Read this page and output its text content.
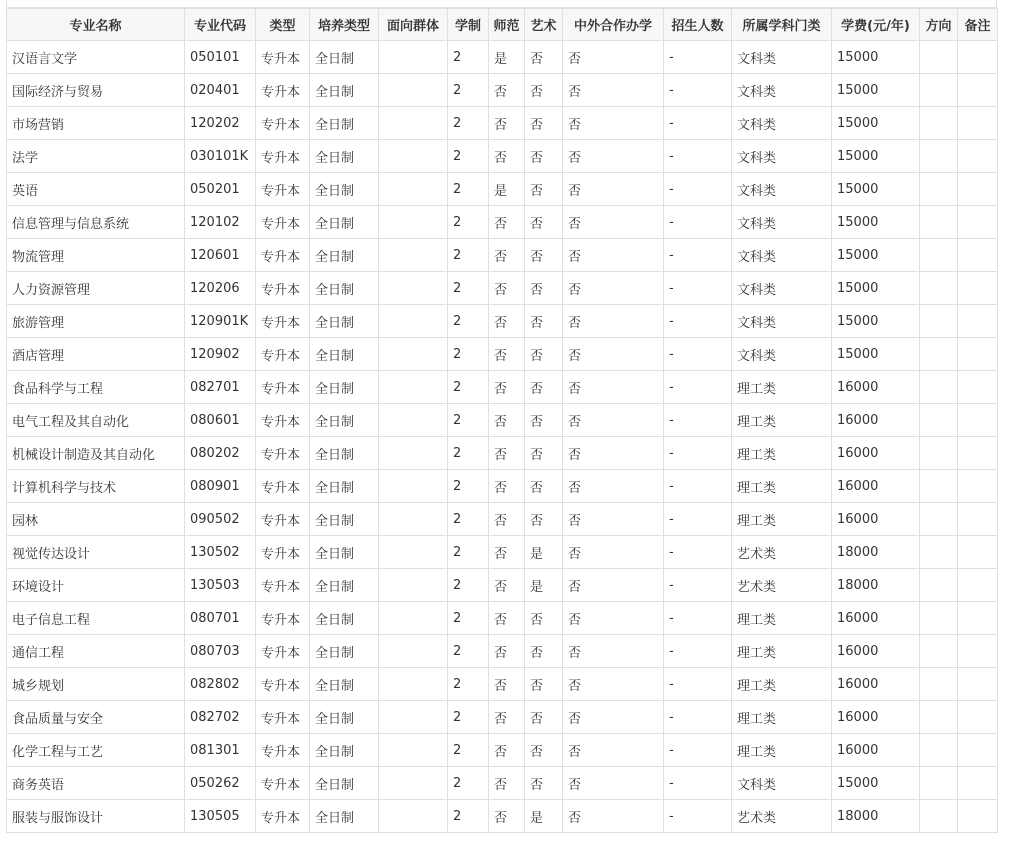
专业名称	专业代码	类型	培养类型	面向群体	学制	师范	艺术	中外合作办学	招生人数	所属学科门类	学费(元/年)	方向	备注
汉语言文学	050101	专升本	全日制		2	是	否	否	-	文科类	15000		
国际经济与贸易	020401	专升本	全日制		2	否	否	否	-	文科类	15000		
市场营销	120202	专升本	全日制		2	否	否	否	-	文科类	15000		
法学	030101K	专升本	全日制		2	否	否	否	-	文科类	15000		
英语	050201	专升本	全日制		2	是	否	否	-	文科类	15000		
信息管理与信息系统	120102	专升本	全日制		2	否	否	否	-	文科类	15000		
物流管理	120601	专升本	全日制		2	否	否	否	-	文科类	15000		
人力资源管理	120206	专升本	全日制		2	否	否	否	-	文科类	15000		
旅游管理	120901K	专升本	全日制		2	否	否	否	-	文科类	15000		
酒店管理	120902	专升本	全日制		2	否	否	否	-	文科类	15000		
食品科学与工程	082701	专升本	全日制		2	否	否	否	-	理工类	16000		
电气工程及其自动化	080601	专升本	全日制		2	否	否	否	-	理工类	16000		
机械设计制造及其自动化	080202	专升本	全日制		2	否	否	否	-	理工类	16000		
计算机科学与技术	080901	专升本	全日制		2	否	否	否	-	理工类	16000		
园林	090502	专升本	全日制		2	否	否	否	-	理工类	16000		
视觉传达设计	130502	专升本	全日制		2	否	是	否	-	艺术类	18000		
环境设计	130503	专升本	全日制		2	否	是	否	-	艺术类	18000		
电子信息工程	080701	专升本	全日制		2	否	否	否	-	理工类	16000		
通信工程	080703	专升本	全日制		2	否	否	否	-	理工类	16000		
城乡规划	082802	专升本	全日制		2	否	否	否	-	理工类	16000		
食品质量与安全	082702	专升本	全日制		2	否	否	否	-	理工类	16000		
化学工程与工艺	081301	专升本	全日制		2	否	否	否	-	理工类	16000		
商务英语	050262	专升本	全日制		2	否	否	否	-	文科类	15000		
服装与服饰设计	130505	专升本	全日制		2	否	是	否	-	艺术类	18000		
